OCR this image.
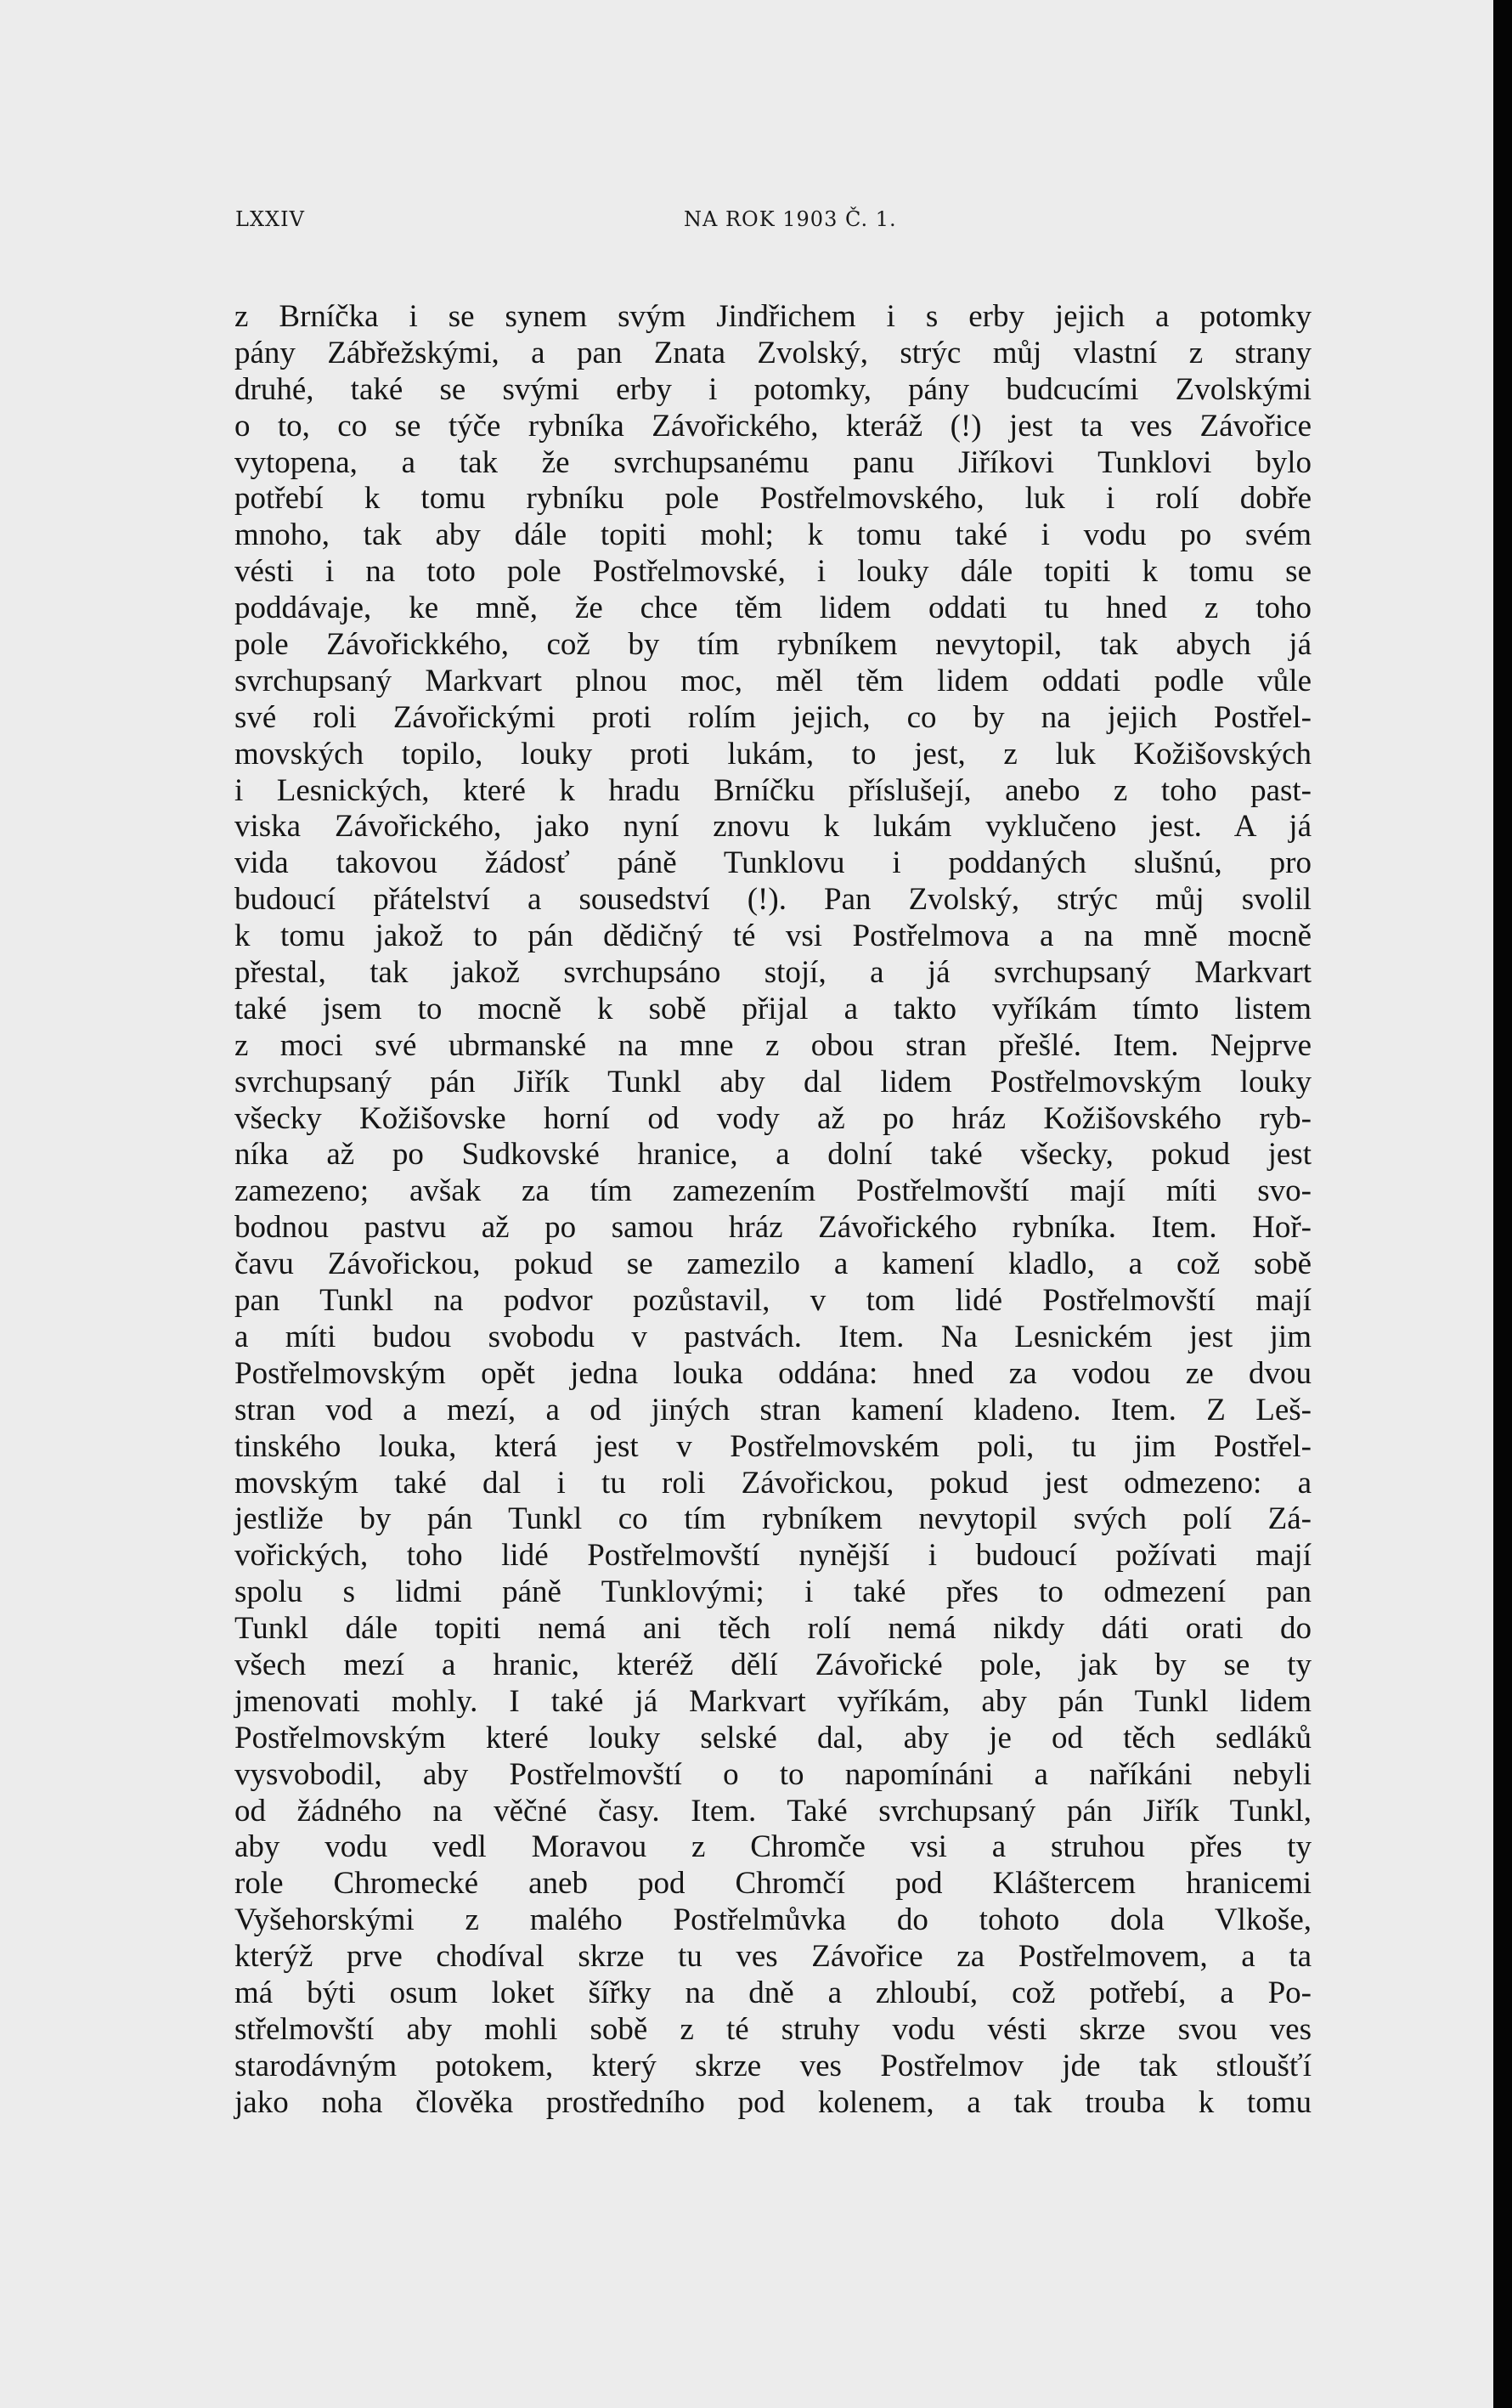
LXXIV	NA ROK 1903 Č. 1.
z Brníčka i se synem svým Jindřichem i s erby jejich a potomky
pány Zábřežskými, a pan Znata Zvolský, strýc můj vlastní z strany
druhé, také se svými erby i potomky, pány budcucími Zvolskými
o to, co se týče rybníka Závořického, kteráž (!) jest ta ves Závořice
vytopena, a tak že svrchupsanému panu Jiříkovi Tunklovi bylo
potřebí k tomu rybníku pole Postřelmovského, luk i rolí dobře
mnoho, tak aby dále topiti mohl; k tomu také i vodu po svém
vésti i na toto pole Postřelmovské, i louky dále topiti k tomu se
poddávaje, ke mně, že chce těm lidem oddati tu hned z toho
pole Závořickkého, což by tím rybníkem nevytopil, tak abych já
svrchupsaný Markvart plnou moc, měl těm lidem oddati podle vůle
své roli Závořickými proti rolím jejich, co by na jejich Postřel-
movských topilo, louky proti lukám, to jest, z luk Kožišovských
i Lesnických, které k hradu Brníčku příslušejí, anebo z toho past-
viska Závořického, jako nyní znovu k lukám vyklučeno jest. A já
vida takovou žádosť páně Tunklovu i poddaných slušnú, pro
budoucí přátelství a sousedství (!). Pan Zvolský, strýc můj svolil
k tomu jakož to pán dědičný té vsi Postřelmova a na mně mocně
přestal, tak jakož svrchupsáno stojí, a já svrchupsaný Markvart
také jsem to mocně k sobě přijal a takto vyříkám tímto listem
z moci své ubrmanské na mne z obou stran přešlé. Item. Nejprve
svrchupsaný pán Jiřík Tunkl aby dal lidem Postřelmovským louky
všecky Kožišovske horní od vody až po hráz Kožišovského ryb-
níka až po Sudkovské hranice, a dolní také všecky, pokud jest
zamezeno; avšak za tím zamezením Postřelmovští mají míti svo-
bodnou pastvu až po samou hráz Závořického rybníka. Item. Hoř-
čavu Závořickou, pokud se zamezilo a kamení kladlo, a což sobě
pan Tunkl na podvor pozůstavil, v tom lidé Postřelmovští mají
a míti budou svobodu v pastvách. Item. Na Lesnickém jest jim
Postřelmovským opět jedna louka oddána: hned za vodou ze dvou
stran vod a mezí, a od jiných stran kamení kladeno. Item. Z Leš-
tinského louka, která jest v Postřelmovském poli, tu jim Postřel-
movským také dal i tu roli Závořickou, pokud jest odmezeno: a
jestliže by pán Tunkl co tím rybníkem nevytopil svých polí Zá-
vořických, toho lidé Postřelmovští nynější i budoucí požívati mají
spolu s lidmi páně Tunklovými; i také přes to odmezení pan
Tunkl dále topiti nemá ani těch rolí nemá nikdy dáti orati do
všech mezí a hranic, kteréž dělí Závořické pole, jak by se ty
jmenovati mohly. I také já Markvart vyříkám, aby pán Tunkl lidem
Postřelmovským které louky selské dal, aby je od těch sedláků
vysvobodil, aby Postřelmovští o to napomínáni a naříkáni nebyli
od žádného na věčné časy. Item. Také svrchupsaný pán Jiřík Tunkl,
aby vodu vedl Moravou z Chromče vsi a struhou přes ty
role Chromecké aneb pod Chromčí pod Kláštercem hranicemi
Vyšehorskými z malého Postřelmůvka do tohoto dola Vlkoše,
kterýž prve chodíval skrze tu ves Závořice za Postřelmovem, a ta
má býti osum loket šířky na dně a zhloubí, což potřebí, a Po-
střelmovští aby mohli sobě z té struhy vodu vésti skrze svou ves
starodávným potokem, který skrze ves Postřelmov jde tak stloušťí
jako noha člověka prostředního pod kolenem, a tak trouba k tomu
